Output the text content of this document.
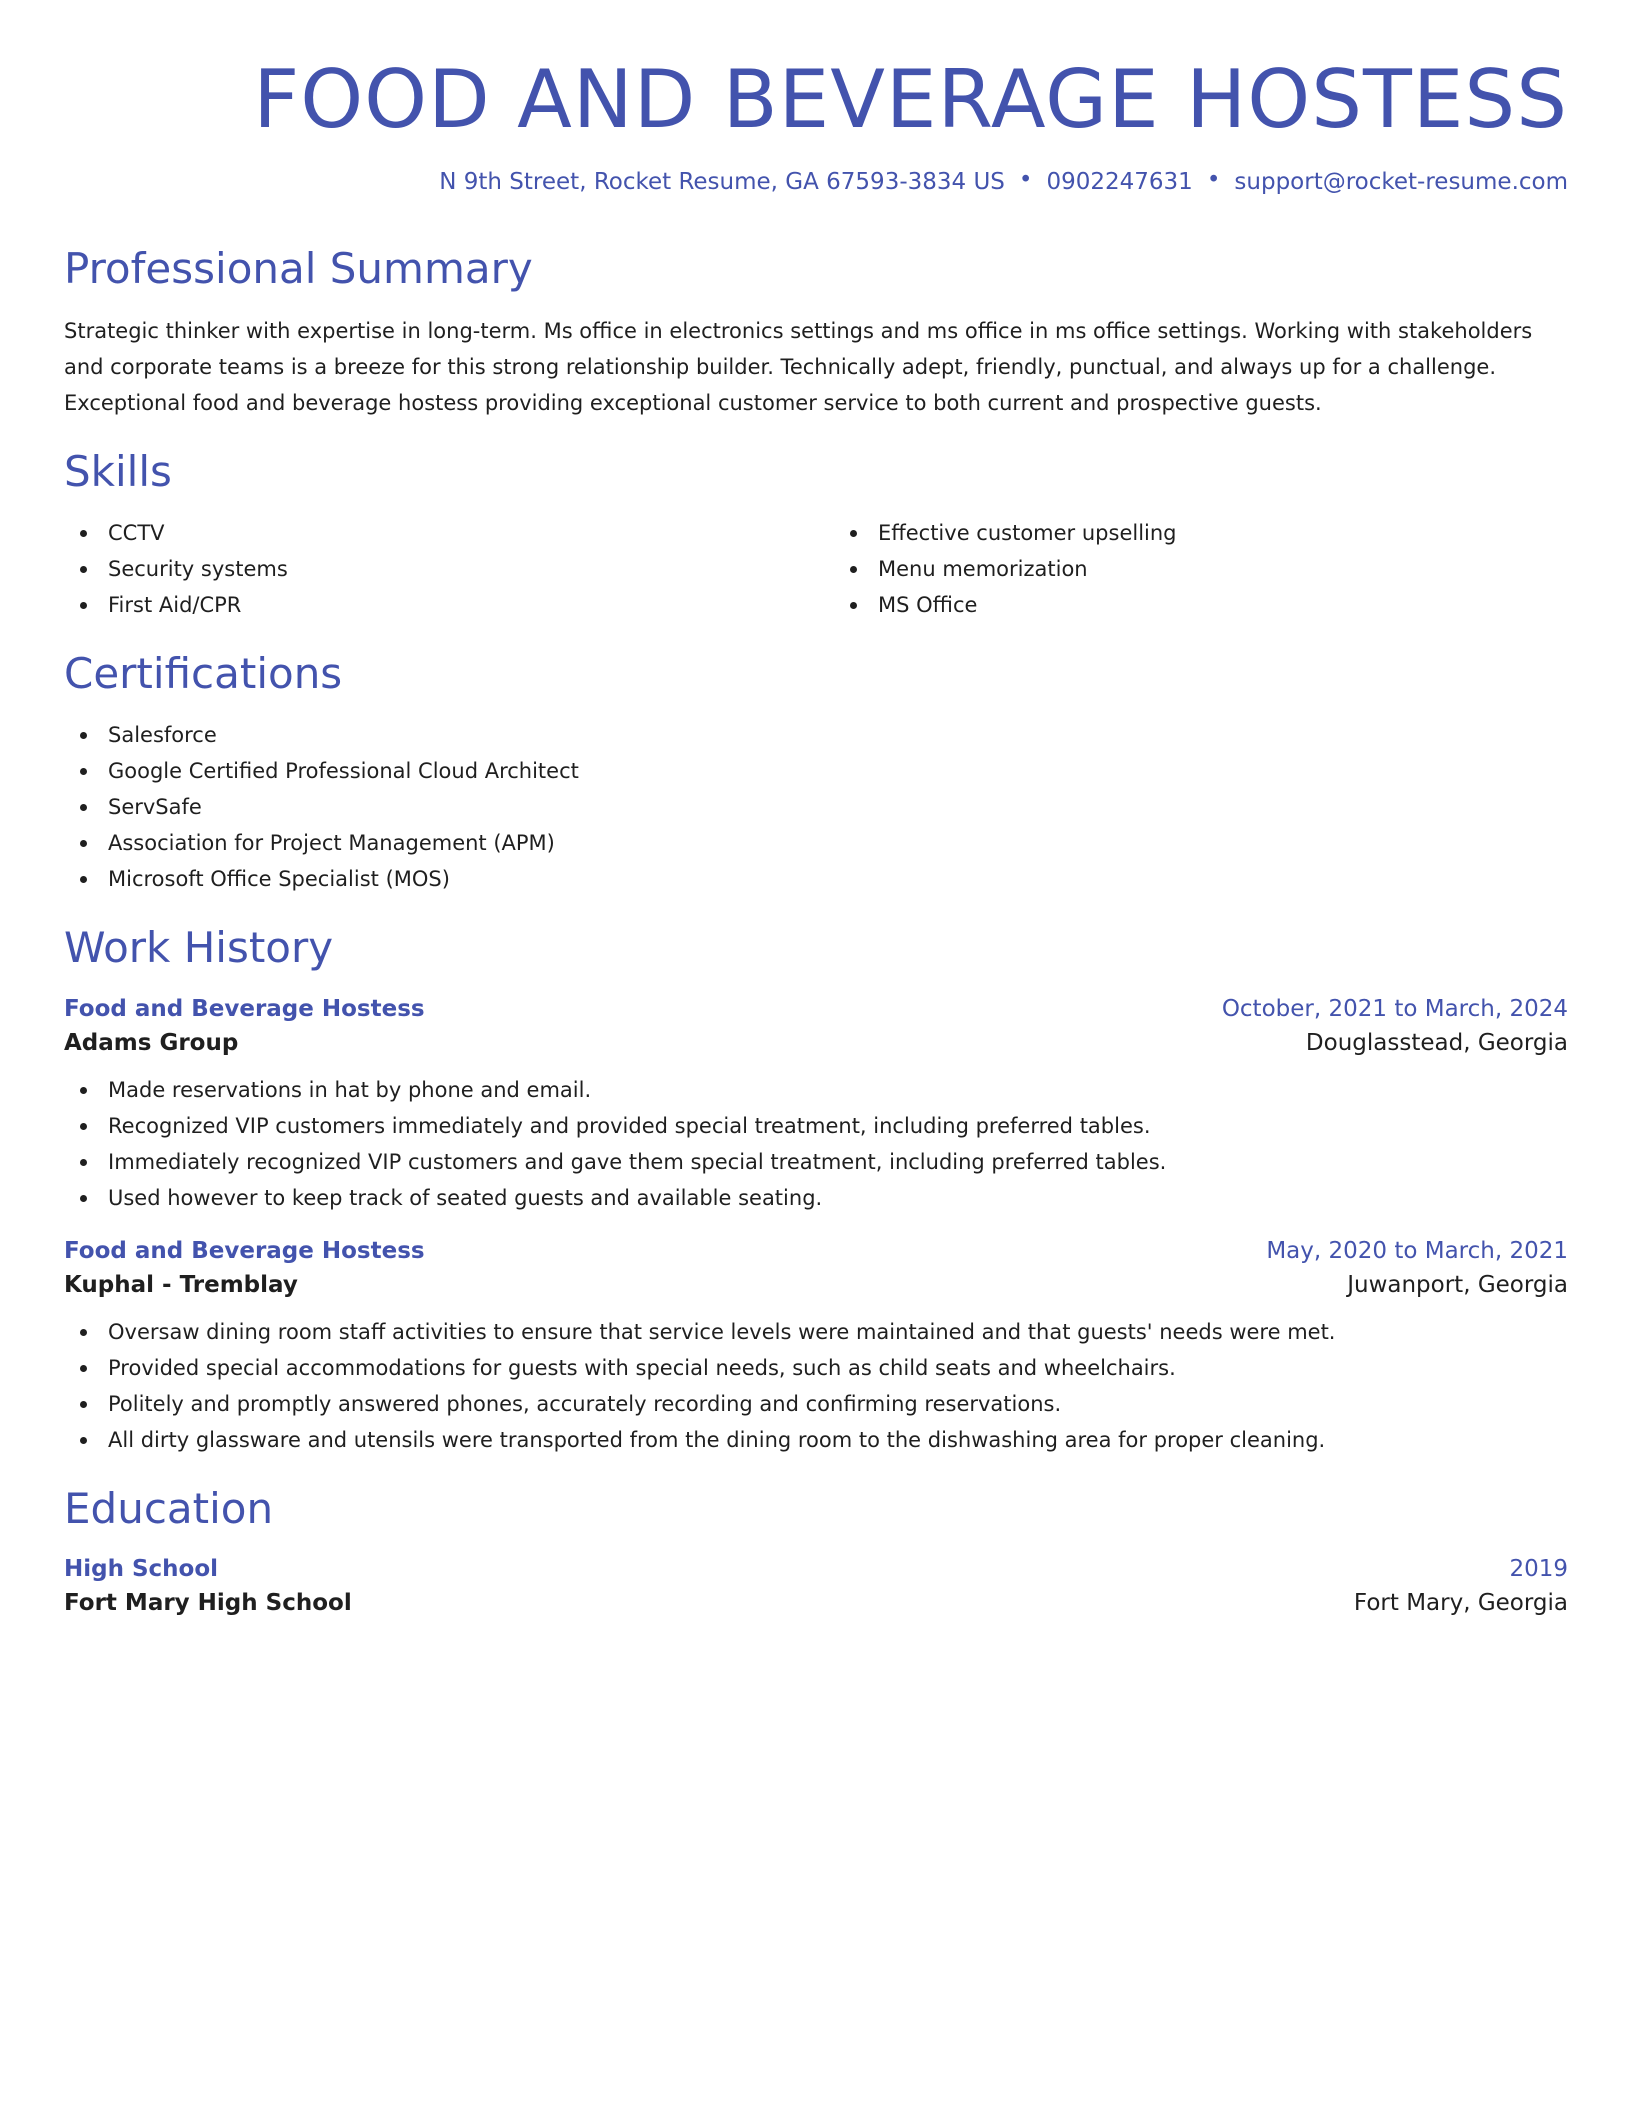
FOOD AND BEVERAGE HOSTESS
N 9th Street, Rocket Resume, GA 67593-3834 US • 0902247631 • support@rocket-resume.com
Professional Summary
Strategic thinker with expertise in long-term. Ms office in electronics settings and ms office in ms office settings. Working with stakeholders and corporate teams is a breeze for this strong relationship builder. Technically adept, friendly, punctual, and always up for a challenge. Exceptional food and beverage hostess providing exceptional customer service to both current and prospective guests.
Skills
CCTV
Security systems
First Aid/CPR
Effective customer upselling
Menu memorization
MS Office
Certifications
Salesforce
Google Certified Professional Cloud Architect
ServSafe
Association for Project Management (APM)
Microsoft Office Specialist (MOS)
Work History
Food and Beverage Hostess	October, 2021 to March, 2024
Adams Group	Douglasstead, Georgia
Made reservations in hat by phone and email.
Recognized VIP customers immediately and provided special treatment, including preferred tables.
Immediately recognized VIP customers and gave them special treatment, including preferred tables.
Used however to keep track of seated guests and available seating.
Food and Beverage Hostess	May, 2020 to March, 2021
Kuphal - Tremblay	Juwanport, Georgia
Oversaw dining room staff activities to ensure that service levels were maintained and that guests' needs were met.
Provided special accommodations for guests with special needs, such as child seats and wheelchairs.
Politely and promptly answered phones, accurately recording and confirming reservations.
All dirty glassware and utensils were transported from the dining room to the dishwashing area for proper cleaning.
Education
High School	2019
Fort Mary High School	Fort Mary, Georgia
